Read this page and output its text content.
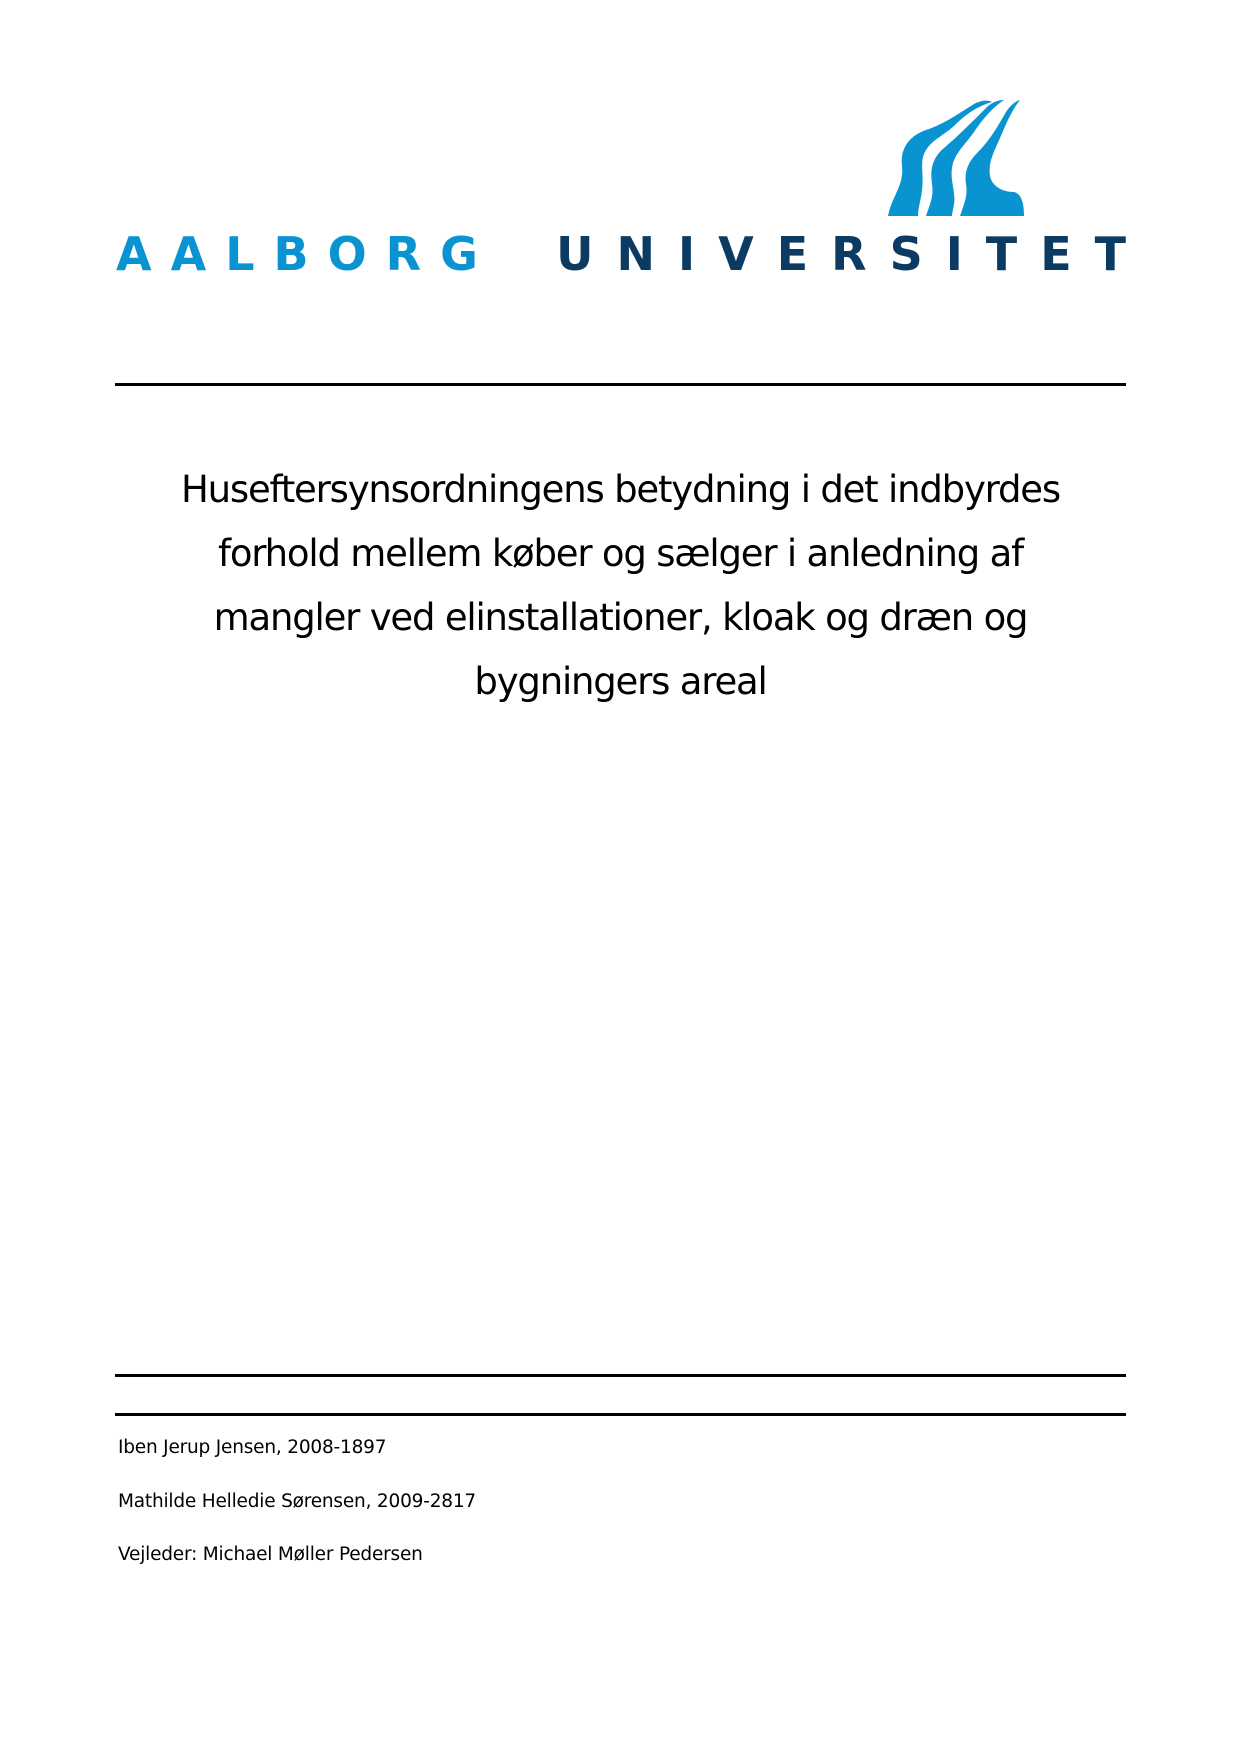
AALBORG UNIVERSITET
Huseftersynsordningens betydning i det indbyrdes
forhold mellem køber og sælger i anledning af
mangler ved elinstallationer, kloak og dræn og
bygningers areal
Iben Jerup Jensen, 2008-1897
Mathilde Helledie Sørensen, 2009-2817
Vejleder: Michael Møller Pedersen
